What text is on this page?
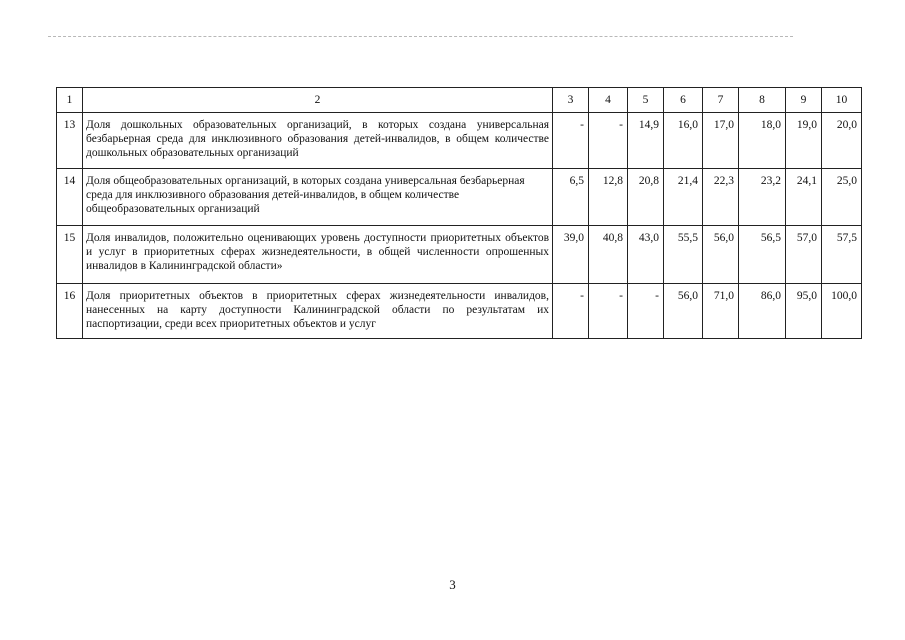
1	2	3	4	5	6	7	8	9	10
13	Доля дошкольных образовательных организаций, в которых создана универсальная безбарьерная среда для инклюзивного образования детей-инвалидов, в общем количестве дошкольных образовательных организаций	-	-	14,9	16,0	17,0	18,0	19,0	20,0
14	Доля общеобразовательных организаций, в которых создана универсальная безбарьерная среда для инклюзивного образования детей-инвалидов, в общем количестве общеобразовательных организаций	6,5	12,8	20,8	21,4	22,3	23,2	24,1	25,0
15	Доля инвалидов, положительно оценивающих уровень доступности приоритетных объектов и услуг в приоритетных сферах жизнедеятельности, в общей численности опрошенных инвалидов в Калининградской области»	39,0	40,8	43,0	55,5	56,0	56,5	57,0	57,5
16	Доля приоритетных объектов в приоритетных сферах жизнедеятельности инвалидов, нанесенных на карту доступности Калининградской области по результатам их паспортизации, среди всех приоритетных объектов и услуг	-	-	-	56,0	71,0	86,0	95,0	100,0
3
